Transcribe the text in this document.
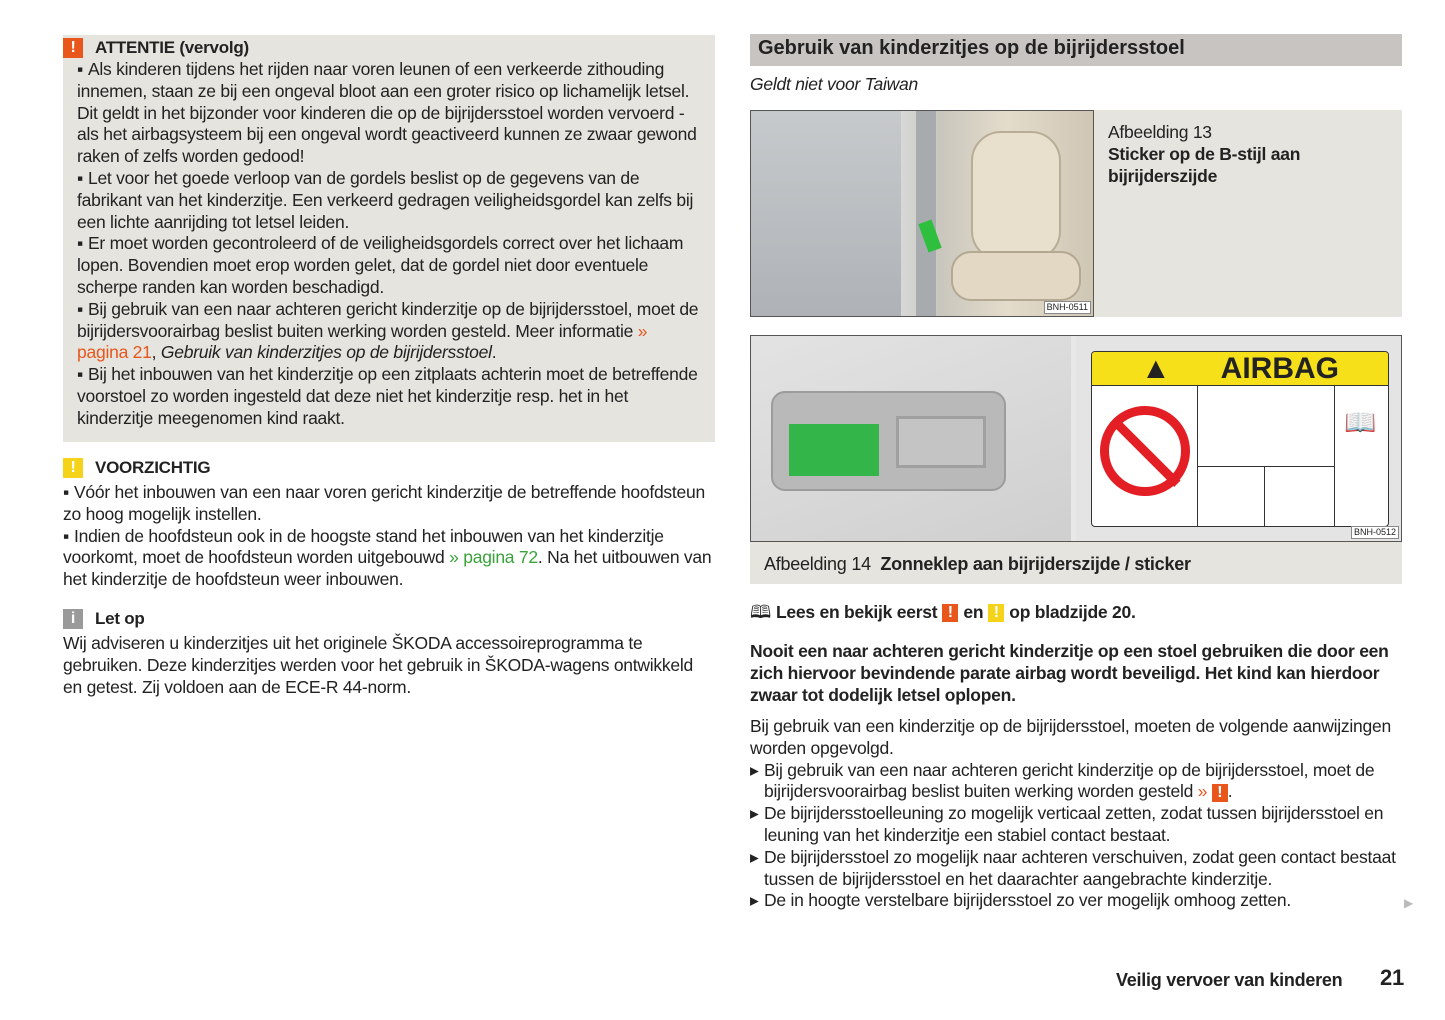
!	ATTENTIE (vervolg)

▪ Als kinderen tijdens het rijden naar voren leunen of een verkeerde zithouding innemen, staan ze bij een ongeval bloot aan een groter risico op lichamelijk letsel. Dit geldt in het bijzonder voor kinderen die op de bijrijdersstoel worden vervoerd - als het airbagsysteem bij een ongeval wordt geactiveerd kunnen ze zwaar gewond raken of zelfs worden gedood!

▪ Let voor het goede verloop van de gordels beslist op de gegevens van de fabrikant van het kinderzitje. Een verkeerd gedragen veiligheidsgordel kan zelfs bij een lichte aanrijding tot letsel leiden.

▪ Er moet worden gecontroleerd of de veiligheidsgordels correct over het lichaam lopen. Bovendien moet erop worden gelet, dat de gordel niet door eventuele scherpe randen kan worden beschadigd.

▪ Bij gebruik van een naar achteren gericht kinderzitje op de bijrijdersstoel, moet de bijrijdersvoorairbag beslist buiten werking worden gesteld. Meer informatie » pagina 21, Gebruik van kinderzitjes op de bijrijdersstoel.

▪ Bij het inbouwen van het kinderzitje op een zitplaats achterin moet de betreffende voorstoel zo worden ingesteld dat deze niet het kinderzitje resp. het in het kinderzitje meegenomen kind raakt.

!	VOORZICHTIG

▪ Vóór het inbouwen van een naar voren gericht kinderzitje de betreffende hoofdsteun zo hoog mogelijk instellen.

▪ Indien de hoofdsteun ook in de hoogste stand het inbouwen van het kinderzitje voorkomt, moet de hoofdsteun worden uitgebouwd » pagina 72. Na het uitbouwen van het kinderzitje de hoofdsteun weer inbouwen.

i	Let op

Wij adviseren u kinderzitjes uit het originele ŠKODA accessoireprogramma te gebruiken. Deze kinderzitjes werden voor het gebruik in ŠKODA-wagens ontwikkeld en getest. Zij voldoen aan de ECE-R 44-norm.

Gebruik van kinderzitjes op de bijrijdersstoel
Geldt niet voor Taiwan
BNH-0511
Afbeelding 13
Sticker op de B-stijl aan bijrijderszijde
▲ AIRBAG
📖
BNH-0512
Afbeelding 14 Zonneklep aan bijrijderszijde / sticker
🕮 Lees en bekijk eerst ! en ! op bladzijde 20.

Nooit een naar achteren gericht kinderzitje op een stoel gebruiken die door een zich hiervoor bevindende parate airbag wordt beveiligd. Het kind kan hierdoor zwaar tot dodelijk letsel oplopen.

Bij gebruik van een kinderzitje op de bijrijdersstoel, moeten de volgende aanwijzingen worden opgevolgd.

▸ Bij gebruik van een naar achteren gericht kinderzitje op de bijrijdersstoel, moet de bijrijdersvoorairbag beslist buiten werking worden gesteld » ! .

▸ De bijrijdersstoelleuning zo mogelijk verticaal zetten, zodat tussen bijrijdersstoel en leuning van het kinderzitje een stabiel contact bestaat.

▸ De bijrijdersstoel zo mogelijk naar achteren verschuiven, zodat geen contact bestaat tussen de bijrijdersstoel en het daarachter aangebrachte kinderzitje.

▸ De in hoogte verstelbare bijrijdersstoel zo ver mogelijk omhoog zetten.	▶
Veilig vervoer van kinderen 21
